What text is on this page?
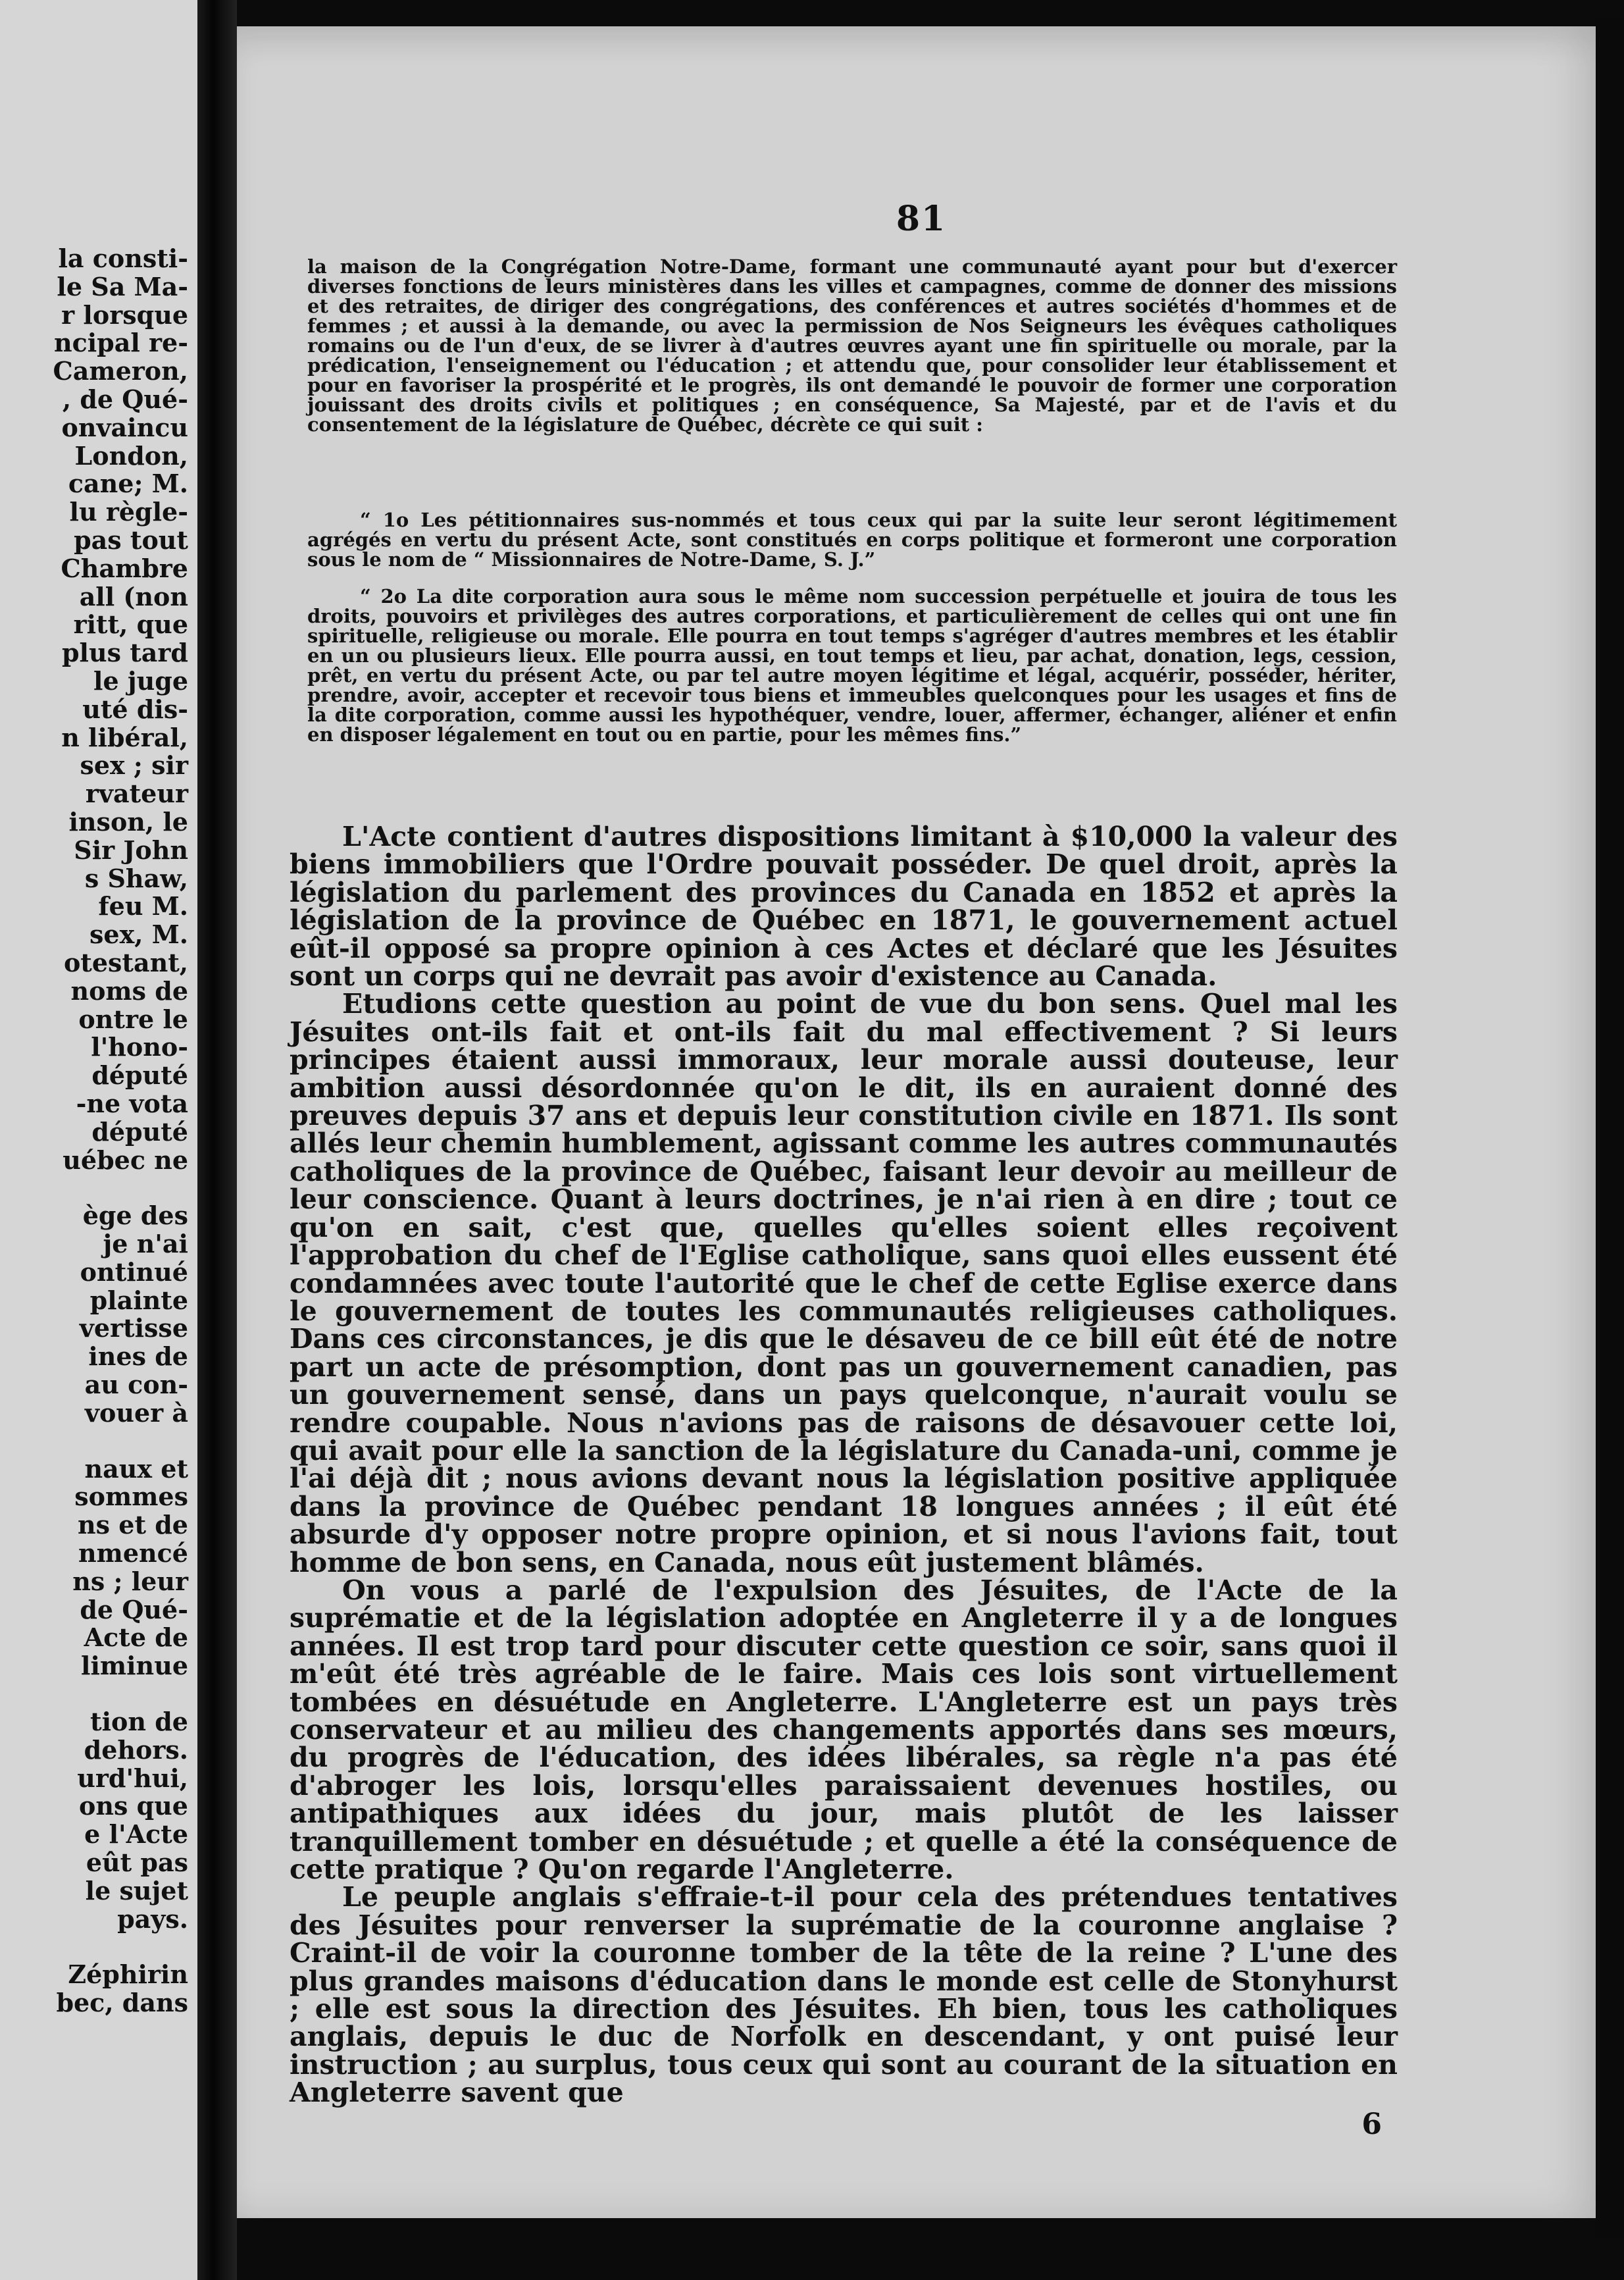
la consti-
le Sa Ma-
r lorsque
ncipal re-
Cameron,
, de Qué-
onvaincu
London,
cane; M.
lu règle-
pas tout
Chambre
all (non
ritt, que
plus tard
le juge
uté dis-
n libéral,
sex ; sir
rvateur
inson, le
Sir John
s Shaw,
feu M.
sex, M.
otestant,
noms de
ontre le
l'hono-
député
-ne vota
député
uébec ne
ège des
je n'ai
ontinué
plainte
vertisse
ines de
au con-
vouer à
naux et
sommes
ns et de
nmencé
ns ; leur
de Qué-
Acte de
liminue
tion de
dehors.
urd'hui,
ons que
e l'Acte
eût pas
le sujet
pays.
Zéphirin
bec, dans
81
la maison de la Congrégation Notre-Dame, formant une communauté ayant pour but d'exercer diverses fonctions de leurs ministères dans les villes et campagnes, comme de donner des missions et des retraites, de diriger des congrégations, des conférences et autres sociétés d'hommes et de femmes ; et aussi à la demande, ou avec la permission de Nos Seigneurs les évêques catholiques romains ou de l'un d'eux, de se livrer à d'autres œuvres ayant une fin spirituelle ou morale, par la prédication, l'enseignement ou l'éducation ; et attendu que, pour consolider leur établissement et pour en favoriser la prospérité et le progrès, ils ont demandé le pouvoir de former une corporation jouissant des droits civils et politiques ; en conséquence, Sa Majesté, par et de l'avis et du consentement de la législature de Québec, décrète ce qui suit :

“ 1o Les pétitionnaires sus-nommés et tous ceux qui par la suite leur seront légitimement agrégés en vertu du présent Acte, sont constitués en corps politique et formeront une corporation sous le nom de “ Missionnaires de Notre-Dame, S. J.”

“ 2o La dite corporation aura sous le même nom succession perpétuelle et jouira de tous les droits, pouvoirs et privilèges des autres corporations, et particulièrement de celles qui ont une fin spirituelle, religieuse ou morale. Elle pourra en tout temps s'agréger d'autres membres et les établir en un ou plusieurs lieux. Elle pourra aussi, en tout temps et lieu, par achat, donation, legs, cession, prêt, en vertu du présent Acte, ou par tel autre moyen légitime et légal, acquérir, posséder, hériter, prendre, avoir, accepter et recevoir tous biens et immeubles quelconques pour les usages et fins de la dite corporation, comme aussi les hypothéquer, vendre, louer, affermer, échanger, aliéner et enfin en disposer légalement en tout ou en partie, pour les mêmes fins.”

L'Acte contient d'autres dispositions limitant à $10,000 la valeur des biens immobiliers que l'Ordre pouvait posséder. De quel droit, après la législation du parlement des provinces du Canada en 1852 et après la législation de la province de Québec en 1871, le gouvernement actuel eût-il opposé sa propre opinion à ces Actes et déclaré que les Jésuites sont un corps qui ne devrait pas avoir d'existence au Canada.

Etudions cette question au point de vue du bon sens. Quel mal les Jésuites ont-ils fait et ont-ils fait du mal effectivement ? Si leurs principes étaient aussi immoraux, leur morale aussi douteuse, leur ambition aussi désordonnée qu'on le dit, ils en auraient donné des preuves depuis 37 ans et depuis leur constitution civile en 1871. Ils sont allés leur chemin humblement, agissant comme les autres communautés catholiques de la province de Québec, faisant leur devoir au meilleur de leur conscience. Quant à leurs doctrines, je n'ai rien à en dire ; tout ce qu'on en sait, c'est que, quelles qu'elles soient elles reçoivent l'approbation du chef de l'Eglise catholique, sans quoi elles eussent été condamnées avec toute l'autorité que le chef de cette Eglise exerce dans le gouvernement de toutes les communautés religieuses catholiques. Dans ces circonstances, je dis que le désaveu de ce bill eût été de notre part un acte de présomption, dont pas un gouvernement canadien, pas un gouvernement sensé, dans un pays quelconque, n'aurait voulu se rendre coupable. Nous n'avions pas de raisons de désavouer cette loi, qui avait pour elle la sanction de la législature du Canada-uni, comme je l'ai déjà dit ; nous avions devant nous la législation positive appliquée dans la province de Québec pendant 18 longues années ; il eût été absurde d'y opposer notre propre opinion, et si nous l'avions fait, tout homme de bon sens, en Canada, nous eût justement blâmés.

On vous a parlé de l'expulsion des Jésuites, de l'Acte de la suprématie et de la législation adoptée en Angleterre il y a de longues années. Il est trop tard pour discuter cette question ce soir, sans quoi il m'eût été très agréable de le faire. Mais ces lois sont virtuellement tombées en désuétude en Angleterre. L'Angleterre est un pays très conservateur et au milieu des changements apportés dans ses mœurs, du progrès de l'éducation, des idées libérales, sa règle n'a pas été d'abroger les lois, lorsqu'elles paraissaient devenues hostiles, ou antipathiques aux idées du jour, mais plutôt de les laisser tranquillement tomber en désuétude ; et quelle a été la conséquence de cette pratique ? Qu'on regarde l'Angleterre.

Le peuple anglais s'effraie-t-il pour cela des prétendues tentatives des Jésuites pour renverser la suprématie de la couronne anglaise ? Craint-il de voir la couronne tomber de la tête de la reine ? L'une des plus grandes maisons d'éducation dans le monde est celle de Stonyhurst ; elle est sous la direction des Jésuites. Eh bien, tous les catholiques anglais, depuis le duc de Norfolk en descendant, y ont puisé leur instruction ; au surplus, tous ceux qui sont au courant de la situation en Angleterre savent que

6
